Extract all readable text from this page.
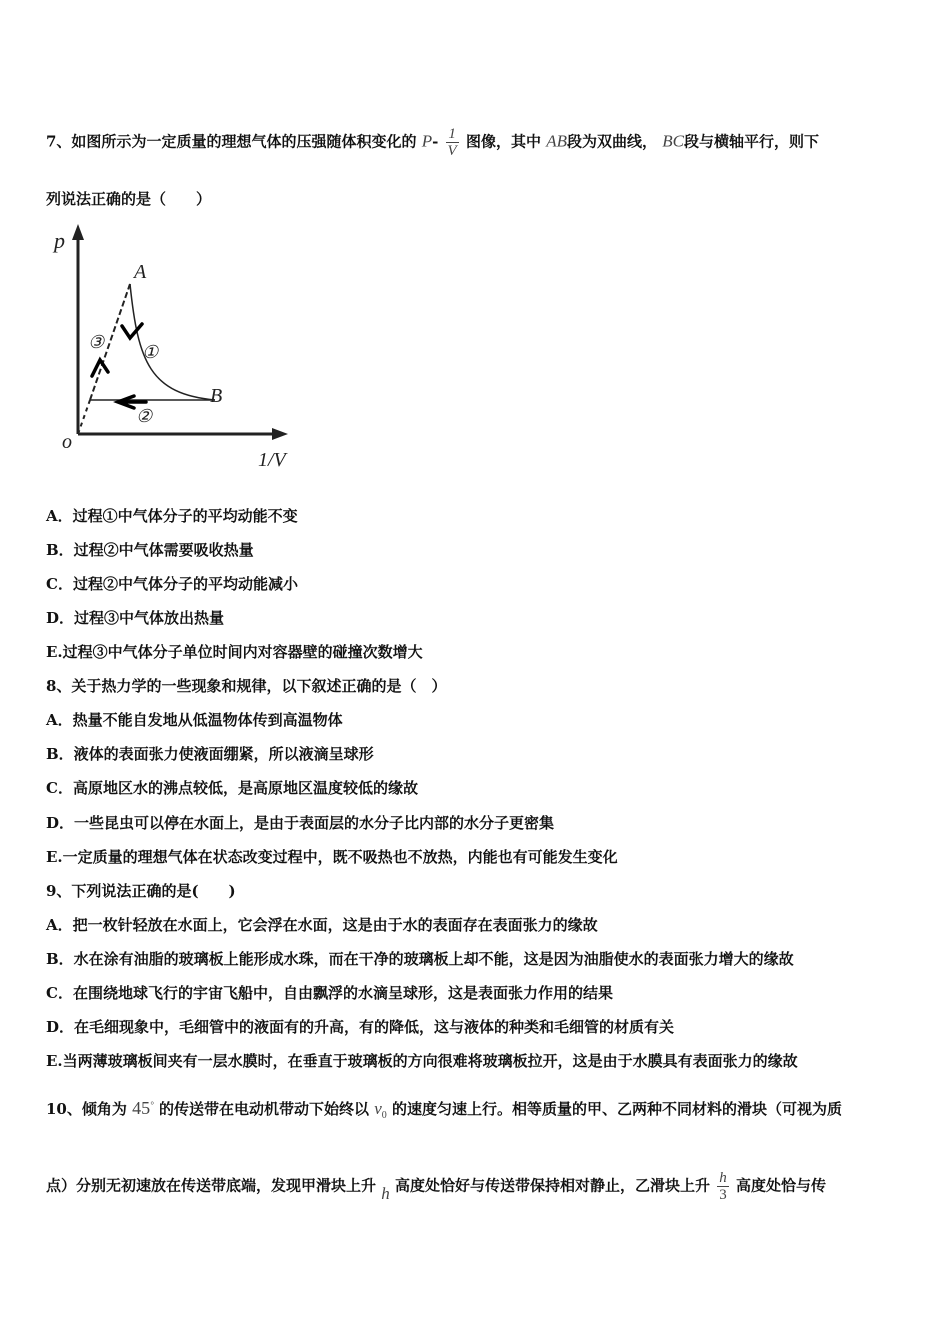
7、如图所示为一定质量的理想气体的压强随体积变化的 $P- \frac{1}{V}$ 图像，其中 AB段为双曲线， BC段与横轴平行，则下
列说法正确的是（　　）
p
1/V
o
A
B
①
②
③
A．过程①中气体分子的平均动能不变
B．过程②中气体需要吸收热量
C．过程②中气体分子的平均动能减小
D．过程③中气体放出热量
E.过程③中气体分子单位时间内对容器壁的碰撞次数增大
8、关于热力学的一些现象和规律，以下叙述正确的是（　）
A．热量不能自发地从低温物体传到高温物体
B．液体的表面张力使液面绷紧，所以液滴呈球形
C．高原地区水的沸点较低，是高原地区温度较低的缘故
D．一些昆虫可以停在水面上，是由于表面层的水分子比内部的水分子更密集
E.一定质量的理想气体在状态改变过程中，既不吸热也不放热，内能也有可能发生变化
9、下列说法正确的是(　　)
A．把一枚针轻放在水面上，它会浮在水面，这是由于水的表面存在表面张力的缘故
B．水在涂有油脂的玻璃板上能形成水珠，而在干净的玻璃板上却不能，这是因为油脂使水的表面张力增大的缘故
C．在围绕地球飞行的宇宙飞船中，自由飘浮的水滴呈球形，这是表面张力作用的结果
D．在毛细现象中，毛细管中的液面有的升高，有的降低，这与液体的种类和毛细管的材质有关
E.当两薄玻璃板间夹有一层水膜时，在垂直于玻璃板的方向很难将玻璃板拉开，这是由于水膜具有表面张力的缘故
10、倾角为 45° 的传送带在电动机带动下始终以 $v_0$ 的速度匀速上行。相等质量的甲、乙两种不同材料的滑块（可视为质
点）分别无初速放在传送带底端，发现甲滑块上升 h 高度处恰好与传送带保持相对静止，乙滑块上升 $\frac{h}{3}$ 高度处恰与传
